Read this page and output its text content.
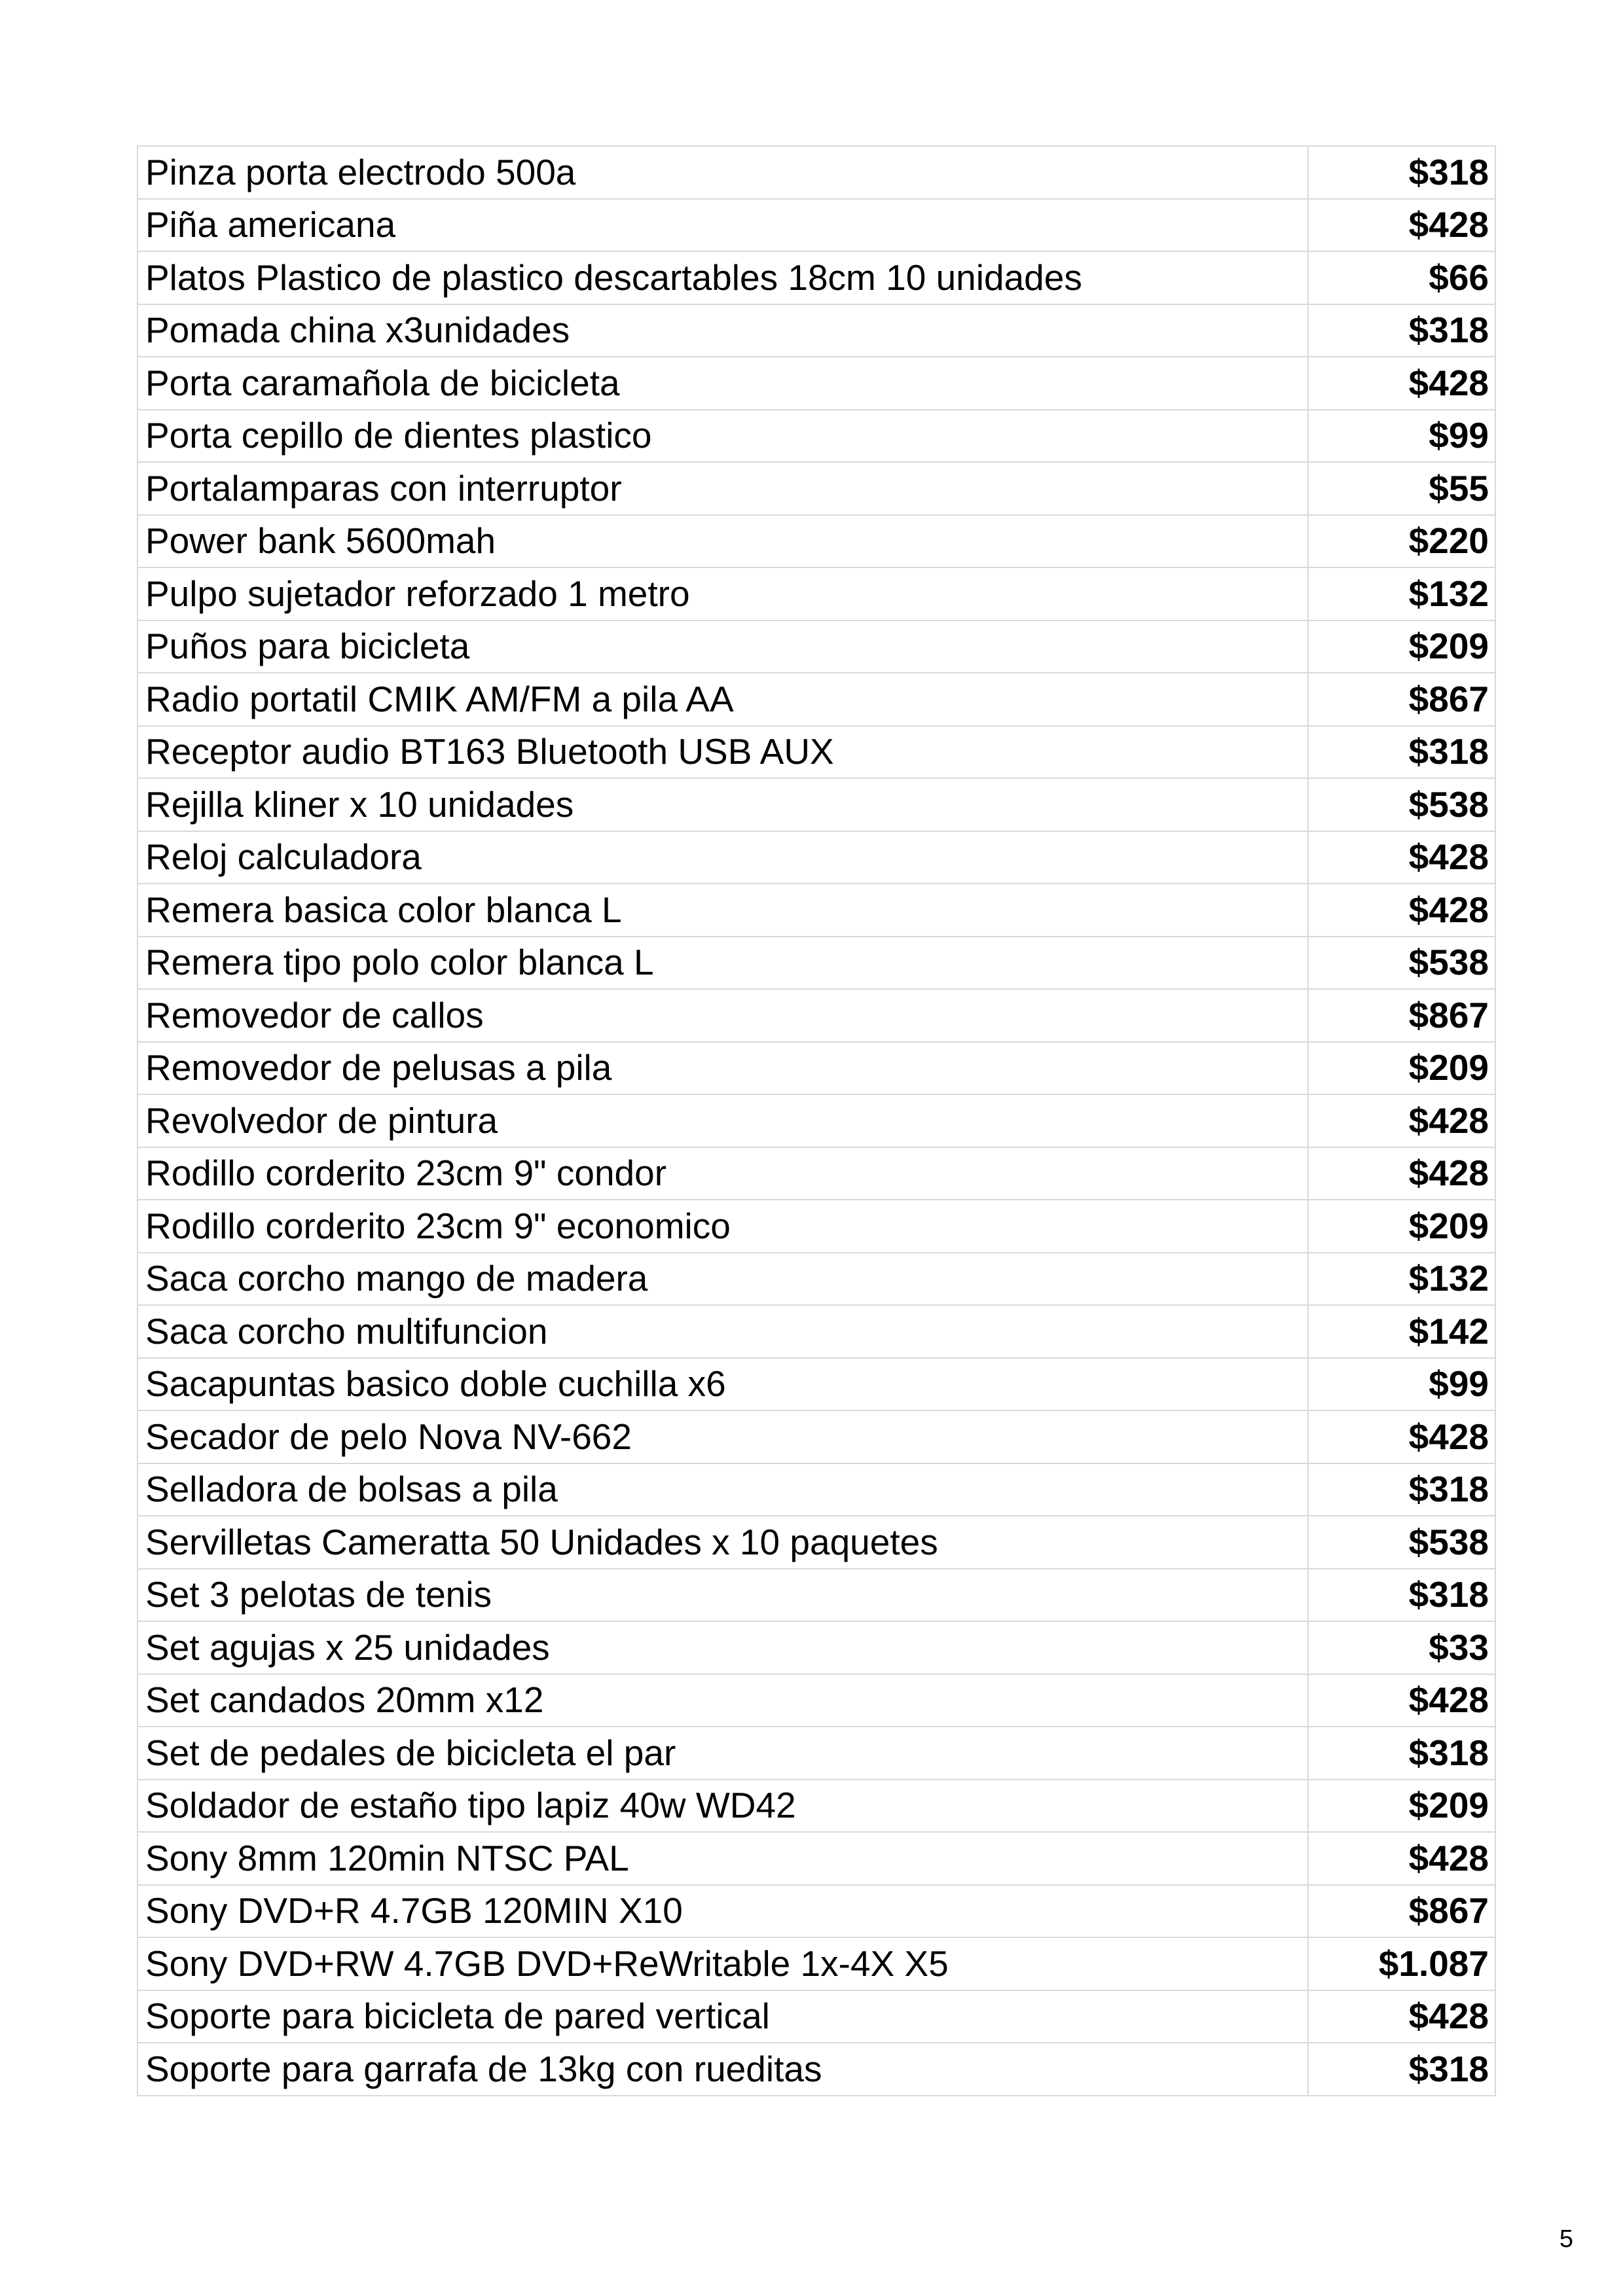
Pinza porta electrodo 500a	$318
Piña americana	$428
Platos Plastico de plastico descartables 18cm 10 unidades	$66
Pomada china x3unidades	$318
Porta caramañola de bicicleta	$428
Porta cepillo de dientes plastico	$99
Portalamparas con interruptor	$55
Power bank 5600mah	$220
Pulpo sujetador reforzado 1 metro	$132
Puños para bicicleta	$209
Radio portatil CMIK AM/FM a pila AA	$867
Receptor audio BT163 Bluetooth USB AUX	$318
Rejilla kliner x 10 unidades	$538
Reloj calculadora	$428
Remera basica color blanca L	$428
Remera tipo polo color blanca L	$538
Removedor de callos	$867
Removedor de pelusas a pila	$209
Revolvedor de pintura	$428
Rodillo corderito 23cm 9" condor	$428
Rodillo corderito 23cm 9" economico	$209
Saca corcho mango de madera	$132
Saca corcho multifuncion	$142
Sacapuntas basico doble cuchilla x6	$99
Secador de pelo Nova NV-662	$428
Selladora de bolsas a pila	$318
Servilletas Cameratta 50 Unidades x 10 paquetes	$538
Set 3 pelotas de tenis	$318
Set agujas x 25 unidades	$33
Set candados 20mm x12	$428
Set de pedales de bicicleta el par	$318
Soldador de estaño tipo lapiz 40w WD42	$209
Sony 8mm 120min NTSC PAL	$428
Sony DVD+R 4.7GB 120MIN X10	$867
Sony DVD+RW 4.7GB DVD+ReWritable 1x-4X X5	$1.087
Soporte para bicicleta de pared vertical	$428
Soporte para garrafa de 13kg con rueditas	$318
5
